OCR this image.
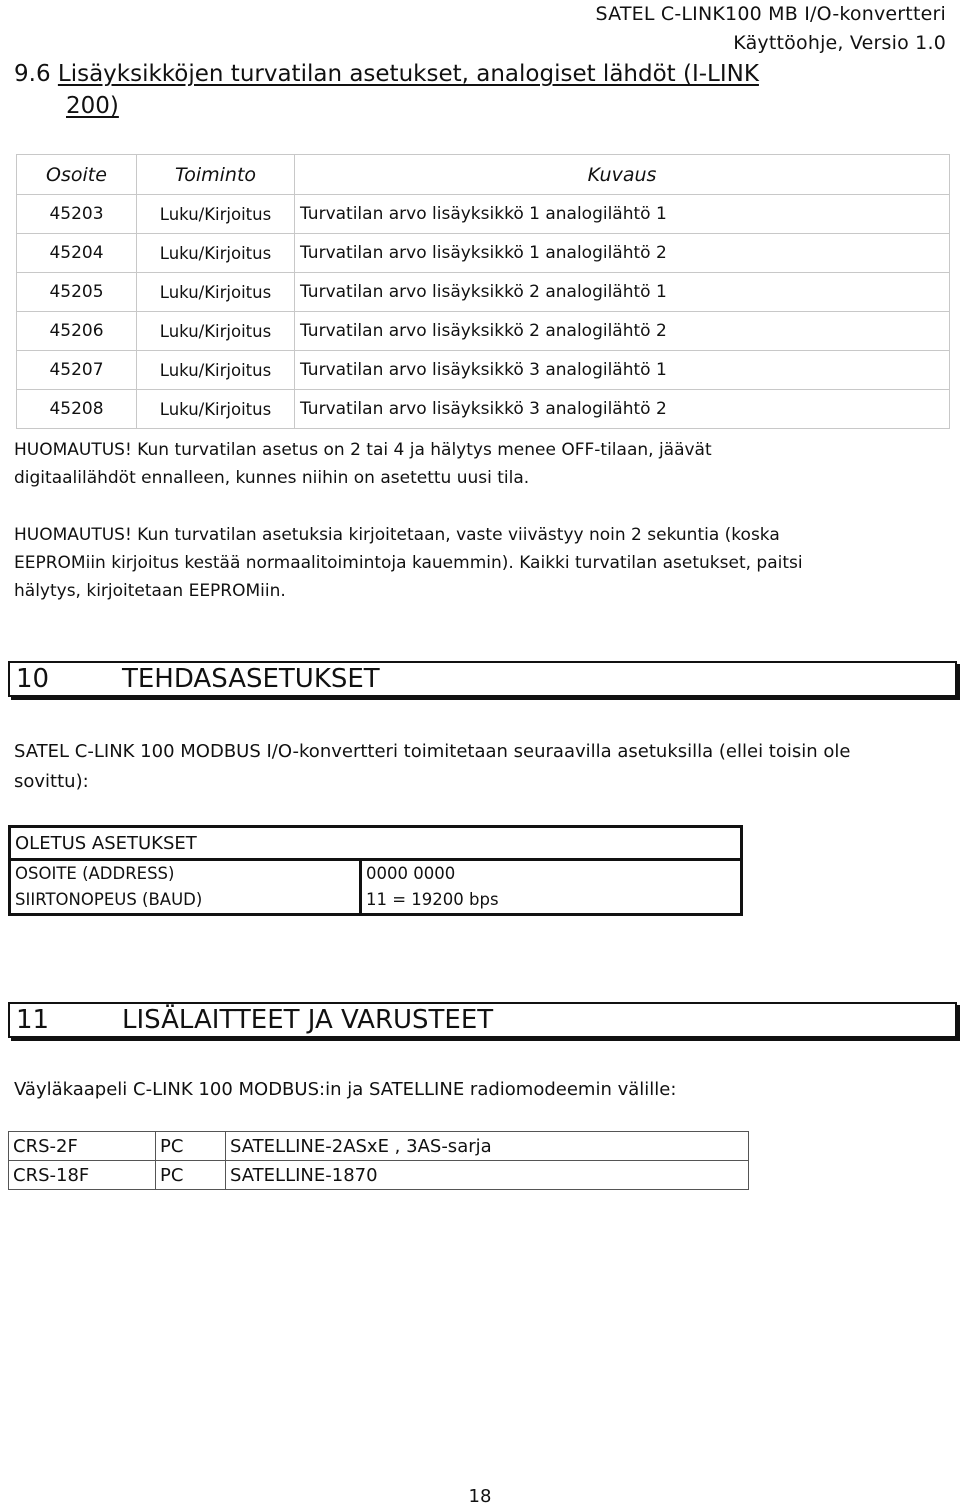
SATEL C-LINK100 MB I/O-konvertteri
Käyttöohje, Versio 1.0
9.6 Lisäyksikköjen turvatilan asetukset, analogiset lähdöt (I-LINK
200)
Osoite	Toiminto	Kuvaus
45203	Luku/Kirjoitus	Turvatilan arvo lisäyksikkö 1 analogilähtö 1
45204	Luku/Kirjoitus	Turvatilan arvo lisäyksikkö 1 analogilähtö 2
45205	Luku/Kirjoitus	Turvatilan arvo lisäyksikkö 2 analogilähtö 1
45206	Luku/Kirjoitus	Turvatilan arvo lisäyksikkö 2 analogilähtö 2
45207	Luku/Kirjoitus	Turvatilan arvo lisäyksikkö 3 analogilähtö 1
45208	Luku/Kirjoitus	Turvatilan arvo lisäyksikkö 3 analogilähtö 2
HUOMAUTUS! Kun turvatilan asetus on 2 tai 4 ja hälytys menee OFF-tilaan, jäävät
digitaalilähdöt ennalleen, kunnes niihin on asetettu uusi tila.
HUOMAUTUS! Kun turvatilan asetuksia kirjoitetaan, vaste viivästyy noin 2 sekuntia (koska
EEPROMiin kirjoitus kestää normaalitoimintoja kauemmin). Kaikki turvatilan asetukset, paitsi
hälytys, kirjoitetaan EEPROMiin.
10	TEHDASASETUKSET
SATEL C-LINK 100 MODBUS I/O-konvertteri toimitetaan seuraavilla asetuksilla (ellei toisin ole
sovittu):
OLETUS ASETUKSET	
OSOITE (ADDRESS)	0000 0000
SIIRTONOPEUS (BAUD)	11 = 19200 bps
11	LISÄLAITTEET JA VARUSTEET
Väyläkaapeli C-LINK 100 MODBUS:in ja SATELLINE radiomodeemin välille:
CRS-2F	PC	SATELLINE-2ASxE , 3AS-sarja
CRS-18F	PC	SATELLINE-1870
18
